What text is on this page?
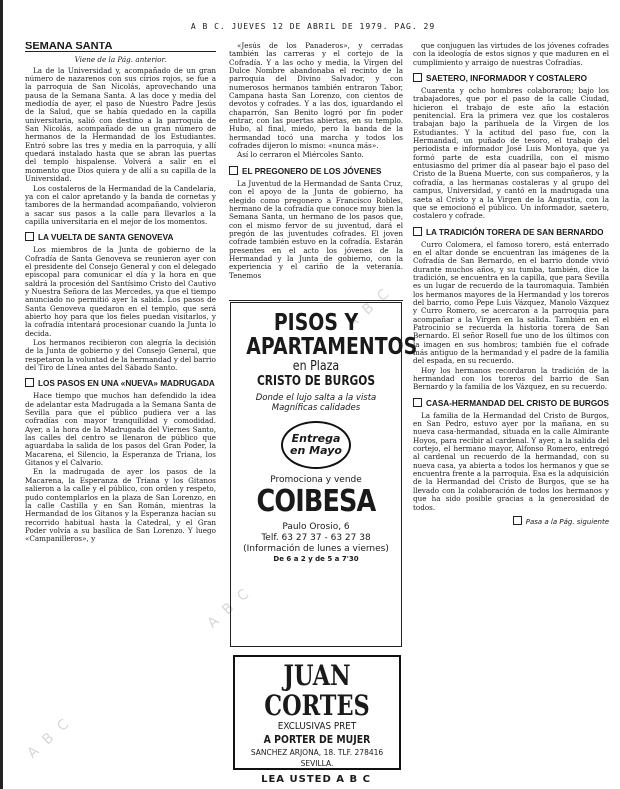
A B C. JUEVES 12 DE ABRIL DE 1979. PAG. 29
SEMANA SANTA
Viene de la Pág. anterior.

La de la Universidad y, acompañado de un gran número de nazarenos con sus cirios rojos, se fue a la parroquia de San Nicolás, aprovechando una pausa de la Semana Santa. A las doce y media del mediodía de ayer, el paso de Nuestro Padre Jesús de la Salud, que se había quedado en la capilla universitaria, salió con destino a la parroquia de San Nicolás, acompañado de un gran número de hermanos de la Hermandad de los Estudiantes. Entró sobre las tres y media en la parroquia, y allí quedará instalado hasta que se abran las puertas del templo hispalense. Volverá a salir en el momento que Dios quiera y de allí a su capilla de la Universidad.

Los costaleros de la Hermandad de la Candelaria, ya con el calor apretando y la banda de cornetas y tambores de la hermandad acompañando, volvieron a sacar sus pasos a la calle para llevarlos a la capilla universitaria en el mejor de los momentos.

LA VUELTA DE SANTA GENOVEVA

Los miembros de la Junta de gobierno de la Cofradía de Santa Genoveva se reunieron ayer con el presidente del Consejo General y con el delegado episcopal para comunicar el día y la hora en que saldrá la procesión del Santísimo Cristo del Cautivo y Nuestra Señora de las Mercedes, ya que el tiempo anunciado no permitió ayer la salida. Los pasos de Santa Genoveva quedaron en el templo, que será abierto hoy para que los fieles puedan visitarlos, y la cofradía intentará procesionar cuando la Junta lo decida.

Los hermanos recibieron con alegría la decisión de la Junta de gobierno y del Consejo General, que respetaron la voluntad de la hermandad y del barrio del Tiro de Línea antes del Sábado Santo.

LOS PASOS EN UNA «NUEVA» MADRUGADA

Hace tiempo que muchos han defendido la idea de adelantar esta Madrugada a la Semana Santa de Sevilla para que el público pudiera ver a las cofradías con mayor tranquilidad y comodidad. Ayer, a la hora de la Madrugada del Viernes Santo, las calles del centro se llenaron de público que aguardaba la salida de los pasos del Gran Poder, la Macarena, el Silencio, la Esperanza de Triana, los Gitanos y el Calvario.

En la madrugada de ayer los pasos de la Macarena, la Esperanza de Triana y los Gitanos salieron a la calle y el público, con orden y respeto, pudo contemplarlos en la plaza de San Lorenzo, en la calle Castilla y en San Román, mientras la Hermandad de los Gitanos y la Esperanza hacían su recorrido habitual hasta la Catedral, y el Gran Poder volvía a su basílica de San Lorenzo. Y luego «Campanilleros», y

«Jesús de los Panaderos», y cerradas también las carreras y el cortejo de la Cofradía. Y a las ocho y media, la Virgen del Dulce Nombre abandonaba el recinto de la parroquia del Divino Salvador, y con numerosos hermanos también entraron Tabor, Campana hasta San Lorenzo, con cientos de devotos y cofrades. Y a las dos, iguardando el chaparrón, San Benito logró por fin poder entrar, con las puertas abiertas, en su templo. Hubo, al final, miedo, pero la banda de la hermandad tocó una marcha y todos los cofrades dijeron lo mismo: «nunca más».

Así lo cerraron el Miércoles Santo.

EL PREGONERO DE LOS JÓVENES

La Juventud de la Hermandad de Santa Cruz, con el apoyo de la Junta de gobierno, ha elegido como pregonero a Francisco Robles, hermano de la cofradía que conoce muy bien la Semana Santa, un hermano de los pasos que, con el mismo fervor de su juventud, dará el pregón de las juventudes cofrades. El joven cofrade también estuvo en la cofradía. Estarán presentes en el acto los jóvenes de la Hermandad y la Junta de gobierno, con la experiencia y el cariño de la veteranía. Tenemos

PISOS Y
APARTAMENTOS
en Plaza
CRISTO DE BURGOS
Donde el lujo salta a la vista
Magníficas calidades
Entrega
en Mayo
Promociona y vende
COIBESA
Paulo Orosio, 6
Telf. 63 27 37 - 63 27 38
(Información de lunes a viernes)
De 6 a 2 y de 5 a 7'30
JUAN CORTES
EXCLUSIVAS PRET
A PORTER DE MUJER
SANCHEZ ARJONA, 18. TLF. 278416
SEVILLA.
LEA USTED A B C

que conjuguen las virtudes de los jóvenes cofrades con la ideología de estos signos y que maduren en el cumplimiento y arraigo de nuestras Cofradías.

SAETERO, INFORMADOR Y COSTALERO

Cuarenta y ocho hombres colaboraron; bajo los trabajadores, que por el paso de la calle Ciudad, hicieron el trabajo de este año la estación penitencial. Era la primera vez que los costaleros trabajan bajo la parihuela de la Virgen de los Estudiantes. Y la actitud del paso fue, con la Hermandad, un puñado de tesoro, el trabajo del periodista e informador José Luis Montoya, que ya formó parte de esta cuadrilla, con el mismo entusiasmo del primer día al pasear bajo el paso del Cristo de la Buena Muerte, con sus compañeros, y la cofradía, a las hermanas costaleras y al grupo del campus, Universidad, y cantó en la madrugada una saeta al Cristo y a la Virgen de la Angustia, con la que se emocionó el público. Un informador, saetero, costalero y cofrade.

LA TRADICIÓN TORERA DE SAN BERNARDO

Curro Colomera, el famoso torero, está enterrado en el altar donde se encuentran las imágenes de la Cofradía de San Bernardo, en el barrio donde vivió durante muchos años, y su tumba, también, dice la tradición, se encuentra en la capilla, que para Sevilla es un lugar de recuerdo de la tauromaquia. También los hermanos mayores de la Hermandad y los toreros del barrio, como Pepe Luis Vázquez, Manolo Vázquez y Curro Romero, se acercaron a la parroquia para acompañar a la Virgen en la salida. También en el Patrocinio se recuerda la historia torera de San Bernardo. El señor Rosell fue uno de los últimos con la imagen en sus hombros; también fue el cofrade más antiguo de la hermandad y el padre de la familia del espada, en su recuerdo.

Hoy los hermanos recordaron la tradición de la hermandad con los toreros del barrio de San Bernardo y la familia de los Vázquez, en su recuerdo.

CASA-HERMANDAD DEL CRISTO DE BURGOS

La familia de la Hermandad del Cristo de Burgos, en San Pedro, estuvo ayer por la mañana, en su nueva casa-hermandad, situada en la calle Almirante Hoyos, para recibir al cardenal. Y ayer, a la salida del cortejo, el hermano mayor, Alfonso Romero, entregó al cardenal un recuerdo de la hermandad, con su nueva casa, ya abierta a todos los hermanos y que se encuentra frente a la parroquia. Esa es la adquisición de la Hermandad del Cristo de Burgos, que se ha llevado con la colaboración de todos los hermanos y que ha sido posible gracias a la generosidad de todos.

Pasa a la Pág. siguiente
A B C
A B C
A B C
